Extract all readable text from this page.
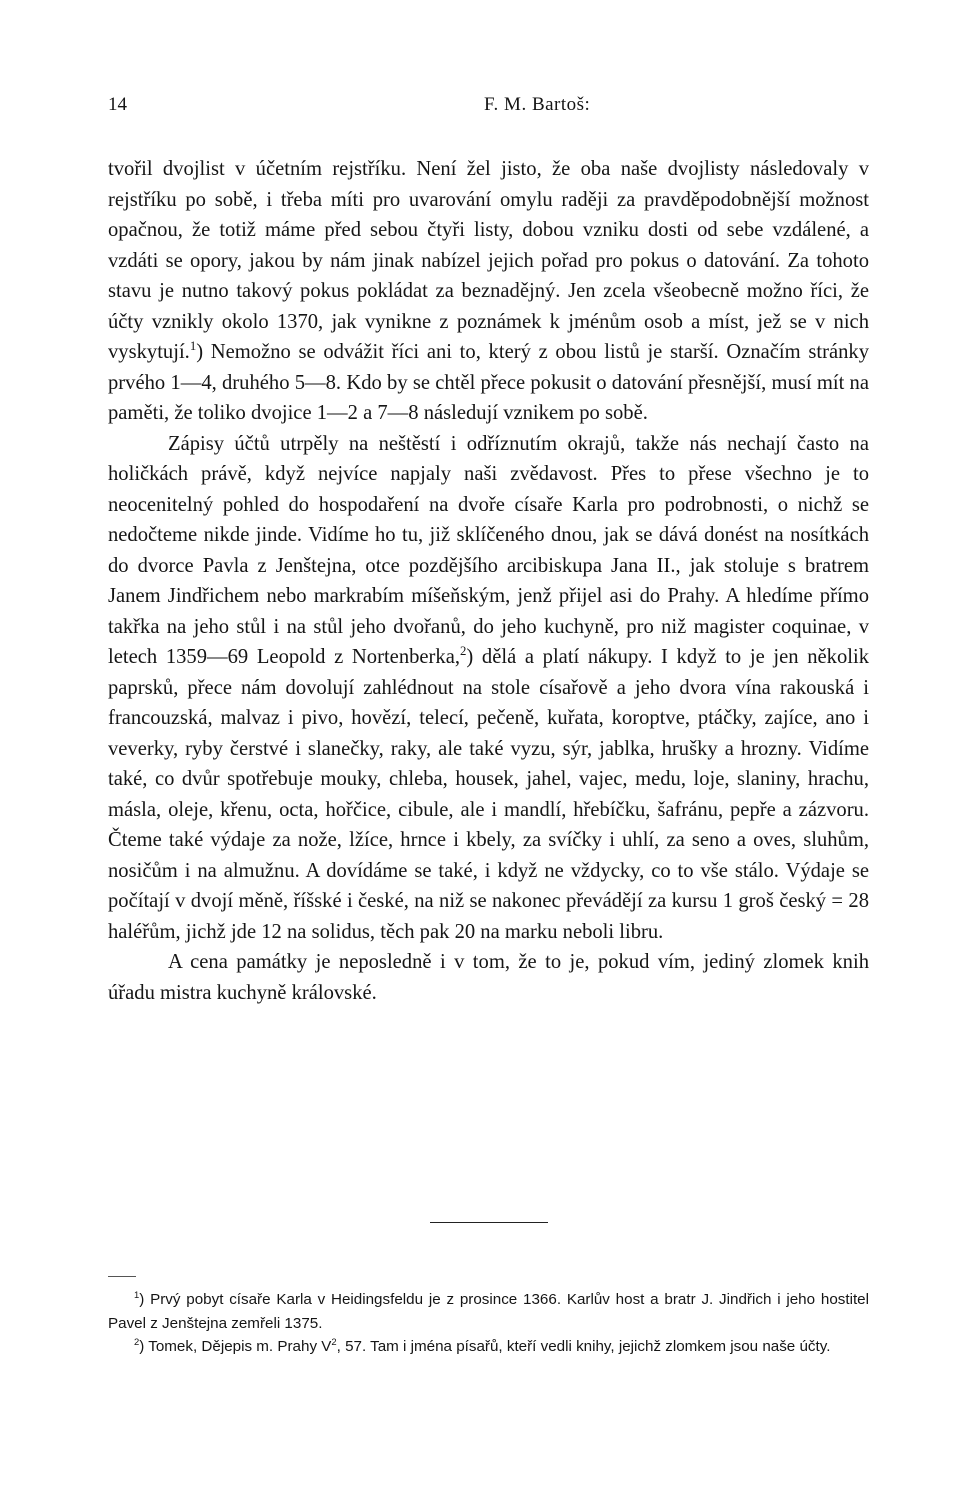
14	F. M. Bartoš:

tvořil dvojlist v účetním rejstříku. Není žel jisto, že oba naše dvojlisty následovaly v rejstříku po sobě, i třeba míti pro uvarování omylu raději za pravděpodobnější možnost opačnou, že totiž máme před sebou čtyři listy, dobou vzniku dosti od sebe vzdálené, a vzdáti se opory, jakou by nám jinak nabízel jejich pořad pro pokus o datování. Za tohoto stavu je nutno takový pokus pokládat za beznadějný. Jen zcela všeobecně možno říci, že účty vznikly okolo 1370, jak vynikne z poznámek k jménům osob a míst, jež se v nich vyskytují.$^1$) Nemožno se odvážit říci ani to, který z obou listů je starší. Označím stránky prvého 1—4, druhého 5—8. Kdo by se chtěl přece pokusit o datování přesnější, musí mít na paměti, že toliko dvojice 1—2 a 7—8 následují vznikem po sobě.

Zápisy účtů utrpěly na neštěstí i odříznutím okrajů, takže nás nechají často na holičkách právě, když nejvíce napjaly naši zvědavost. Přes to přese všechno je to neocenitelný pohled do hospodaření na dvoře císaře Karla pro podrobnosti, o nichž se nedočteme nikde jinde. Vidíme ho tu, již sklíčeného dnou, jak se dává donést na nosítkách do dvorce Pavla z Jenštejna, otce pozdějšího arcibiskupa Jana II., jak stoluje s bratrem Janem Jindřichem nebo markrabím míšeňským, jenž přijel asi do Prahy. A hledíme přímo takřka na jeho stůl i na stůl jeho dvořanů, do jeho kuchyně, pro niž magister coquinae, v letech 1359—69 Leopold z Nortenberka,$^2$) dělá a platí nákupy. I když to je jen několik paprsků, přece nám dovolují zahlédnout na stole císařově a jeho dvora vína rakouská i francouzská, malvaz i pivo, hovězí, telecí, pečeně, kuřata, koroptve, ptáčky, zajíce, ano i veverky, ryby čerstvé i slanečky, raky, ale také vyzu, sýr, jablka, hrušky a hrozny. Vidíme také, co dvůr spotřebuje mouky, chleba, housek, jahel, vajec, medu, loje, slaniny, hrachu, másla, oleje, křenu, octa, hořčice, cibule, ale i mandlí, hřebíčku, šafránu, pepře a zázvoru. Čteme také výdaje za nože, lžíce, hrnce i kbely, za svíčky i uhlí, za seno a oves, sluhům, nosičům i na almužnu. A dovídáme se také, i když ne vždycky, co to vše stálo. Výdaje se počítají v dvojí měně, říšské i české, na niž se nakonec převádějí za kursu 1 groš český = 28 haléřům, jichž jde 12 na solidus, těch pak 20 na marku neboli libru.

A cena památky je neposledně i v tom, že to je, pokud vím, jediný zlomek knih úřadu mistra kuchyně královské.

$^1$) Prvý pobyt císaře Karla v Heidingsfeldu je z prosince 1366. Karlův host a bratr J. Jindřich i jeho hostitel Pavel z Jenštejna zemřeli 1375.

$^2$) Tomek, Dějepis m. Prahy $V^2$, 57. Tam i jména písařů, kteří vedli knihy, jejichž zlomkem jsou naše účty.
